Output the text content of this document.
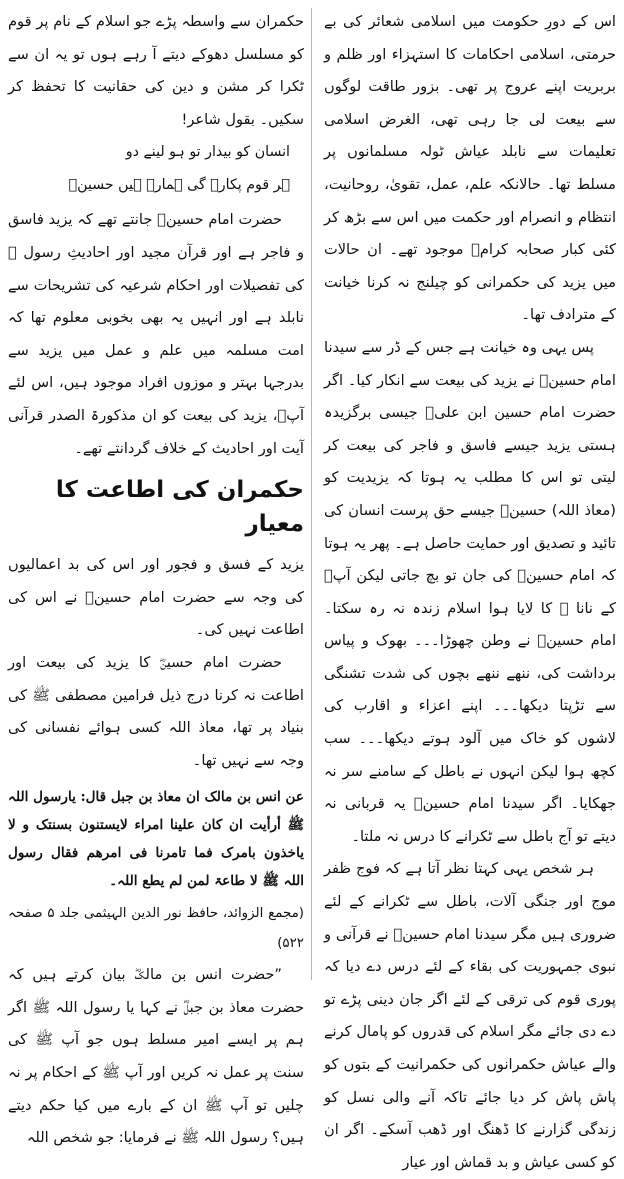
اس کے دورِ حکومت میں اسلامی شعائر کی بے حرمتی، اسلامی احکامات کا استہزاء اور ظلم و بربریت اپنے عروج پر تھی۔ بزور طاقت لوگوں سے بیعت لی جا رہی تھی، الغرض اسلامی تعلیمات سے نابلد عیاش ٹولہ مسلمانوں پر مسلط تھا۔ حالانکہ علم، عمل، تقویٰ، روحانیت، انتظام و انصرام اور حکمت میں اس سے بڑھ کر کئی کبار صحابہ کرامؓ موجود تھے۔ ان حالات میں یزید کی حکمرانی کو چیلنج نہ کرنا خیانت کے مترادف تھا۔

پس یہی وہ خیانت ہے جس کے ڈر سے سیدنا امام حسینؓ نے یزید کی بیعت سے انکار کیا۔ اگر حضرت امام حسین ابن علیؓ جیسی برگزیدہ ہستی یزید جیسے فاسق و فاجر کی بیعت کر لیتی تو اس کا مطلب یہ ہوتا کہ یزیدیت کو (معاذ اللہ) حسینؓ جیسے حق پرست انسان کی تائید و تصدیق اور حمایت حاصل ہے۔ پھر یہ ہوتا کہ امام حسینؓ کی جان تو بچ جاتی لیکن آپؐ کے نانا ﷺ کا لایا ہوا اسلام زندہ نہ رہ سکتا۔ امام حسینؓ نے وطن چھوڑا۔۔۔ بھوک و پیاس برداشت کی، ننھے ننھے بچوں کی شدت تشنگی سے تڑپتا دیکھا۔۔۔ اپنے اعزاء و اقارب کی لاشوں کو خاک میں آلود ہوتے دیکھا۔۔۔ سب کچھ ہوا لیکن انہوں نے باطل کے سامنے سر نہ جھکایا۔ اگر سیدنا امام حسینؓ یہ قربانی نہ دیتے تو آج باطل سے ٹکرانے کا درس نہ ملتا۔

ہر شخص یہی کہتا نظر آتا ہے کہ فوج ظفر موج اور جنگی آلات، باطل سے ٹکرانے کے لئے ضروری ہیں مگر سیدنا امام حسینؓ نے قرآنی و نبوی جمہوریت کی بقاء کے لئے درس دے دیا کہ پوری قوم کی ترقی کے لئے اگر جان دینی پڑے تو دے دی جائے مگر اسلام کی قدروں کو پامال کرنے والے عیاش حکمرانوں کی حکمرانیت کے بتوں کو پاش پاش کر دیا جائے تاکہ آنے والی نسل کو زندگی گزارنے کا ڈھنگ اور ڈھب آسکے۔ اگر ان کو کسی عیاش و بد قماش اور عیار

حکمران سے واسطہ پڑے جو اسلام کے نام پر قوم کو مسلسل دھوکے دیتے آ رہے ہوں تو یہ ان سے ٹکرا کر مشن و دین کی حقانیت کا تحفظ کر سکیں۔ بقول شاعر!

انسان کو بیدار تو ہو لینے دو
ہر قوم پکارے گی ہمارے ہیں حسینؓ

حضرت امام حسینؓ جانتے تھے کہ یزید فاسق و فاجر ہے اور قرآن مجید اور احادیثِ رسول ﷺ کی تفصیلات اور احکام شرعیہ کی تشریحات سے نابلد ہے اور انہیں یہ بھی بخوبی معلوم تھا کہ امت مسلمہ میں علم و عمل میں یزید سے بدرجہا بہتر و موزوں افراد موجود ہیں، اس لئے آپؓ، یزید کی بیعت کو ان مذکورۃ الصدر قرآنی آیت اور احادیث کے خلاف گردانتے تھے۔

حکمران کی اطاعت کا معیار

یزید کے فسق و فجور اور اس کی بد اعمالیوں کی وجہ سے حضرت امام حسینؓ نے اس کی اطاعت نہیں کی۔

حضرت امام حسینؓ کا یزید کی بیعت اور اطاعت نہ کرنا درج ذیل فرامین مصطفی ﷺ کی بنیاد پر تھا، معاذ اللہ کسی ہوائے نفسانی کی وجہ سے نہیں تھا۔

عن انس بن مالک ان معاذ بن جبل قال: یارسول اللہ ﷺ أرأیت ان کان علینا امراء لایستنون بسنتک و لا یاخذون بامرک فما تامرنا فی امرھم فقال رسول اللہ ﷺ لا طاعۃ لمن لم یطع اللہ۔

(مجمع الزوائد، حافظ نور الدین الہیثمی جلد ۵ صفحہ ۵۲۲)

”حضرت انس بن مالکؓ بیان کرتے ہیں کہ حضرت معاذ بن جبلؓ نے کہا یا رسول اللہ ﷺ اگر ہم پر ایسے امیر مسلط ہوں جو آپ ﷺ کی سنت پر عمل نہ کریں اور آپ ﷺ کے احکام پر نہ چلیں تو آپ ﷺ ان کے بارے میں کیا حکم دیتے ہیں؟ رسول اللہ ﷺ نے فرمایا: جو شخص اللہ
